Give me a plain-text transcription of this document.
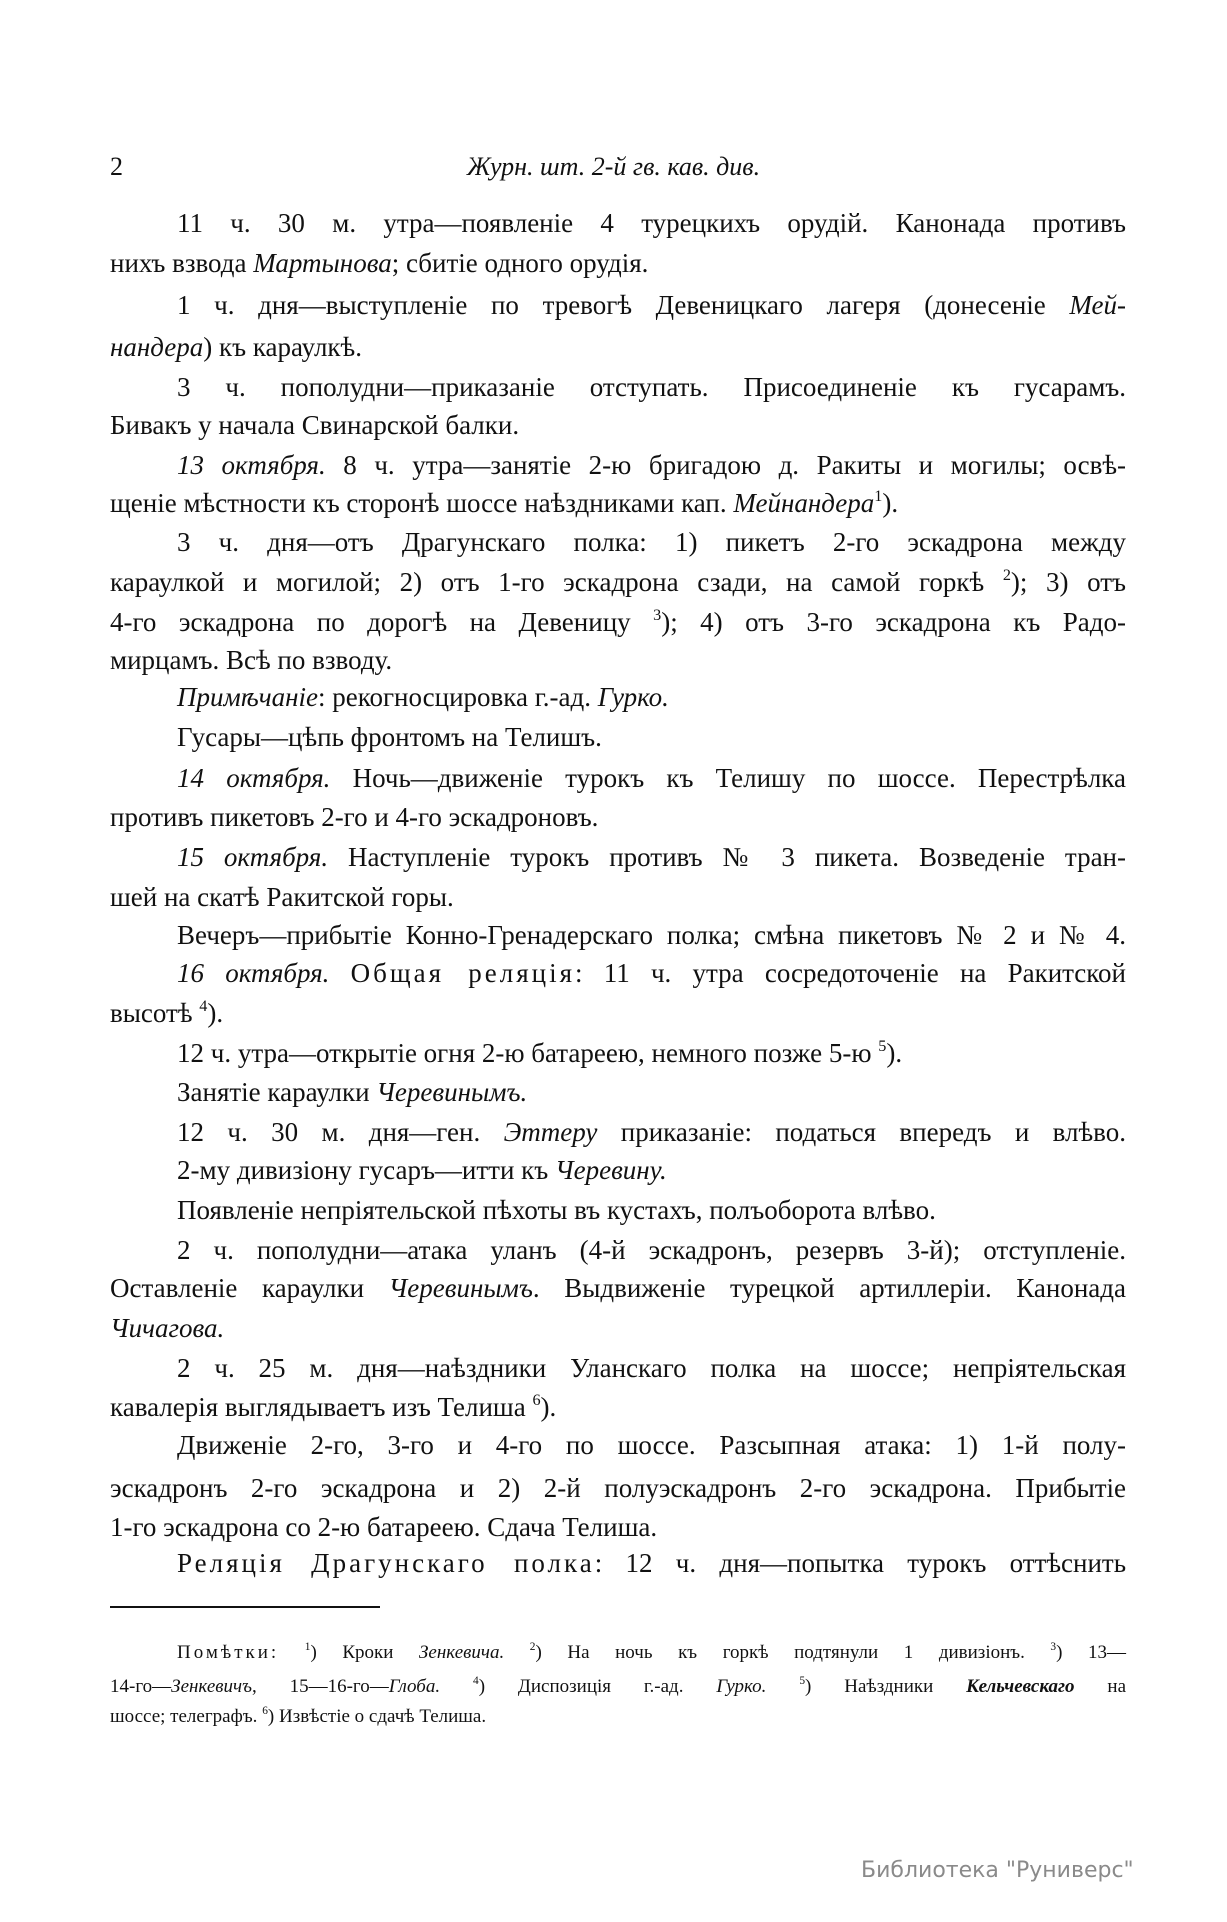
2	Журн. шт. 2-й гв. кав. див.
11 ч. 30 м. утра—появленіе 4 турецкихъ орудій. Канонада противъ
нихъ взвода Мартынова; сбитіе одного орудія.
1 ч. дня—выступленіе по тревогѣ Девеницкаго лагеря (донесеніе Мей-
нандера) къ караулкѣ.
3 ч. пополудни—приказаніе отступать. Присоединеніе къ гусарамъ.
Бивакъ у начала Свинарской балки.
13 октября. 8 ч. утра—занятіе 2-ю бригадою д. Ракиты и могилы; освѣ-
щеніе мѣстности къ сторонѣ шоссе наѣздниками кап. Мейнандера$^1$).
3 ч. дня—отъ Драгунскаго полка: 1) пикетъ 2-го эскадрона между
караулкой и могилой; 2) отъ 1-го эскадрона сзади, на самой горкѣ $^2$); 3) отъ
4-го эскадрона по дорогѣ на Девеницу $^3$); 4) отъ 3-го эскадрона къ Радо-
мирцамъ. Всѣ по взводу.
Примѣчаніе: рекогносцировка г.-ад. Гурко.
Гусары—цѣпь фронтомъ на Телишъ.
14 октября. Ночь—движеніе турокъ къ Телишу по шоссе. Перестрѣлка
противъ пикетовъ 2-го и 4-го эскадроновъ.
15 октября. Наступленіе турокъ противъ № 3 пикета. Возведеніе тран-
шей на скатѣ Ракитской горы.
Вечеръ—прибытіе Конно-Гренадерскаго полка; смѣна пикетовъ № 2 и № 4.
16 октября. Общая реляція: 11 ч. утра сосредоточеніе на Ракитской
высотѣ $^4$).
12 ч. утра—открытіе огня 2-ю батареею, немного позже 5-ю $^5$).
Занятіе караулки Черевинымъ.
12 ч. 30 м. дня—ген. Эттеру приказаніе: податься впередъ и влѣво.
2-му дивизіону гусаръ—итти къ Черевину.
Появленіе непріятельской пѣхоты въ кустахъ, полъоборота влѣво.
2 ч. пополудни—атака уланъ (4-й эскадронъ, резервъ 3-й); отступленіе.
Оставленіе караулки Черевинымъ. Выдвиженіе турецкой артиллеріи. Канонада
Чичагова.
2 ч. 25 м. дня—наѣздники Уланскаго полка на шоссе; непріятельская
кавалерія выглядываетъ изъ Телиша $^6$).
Движеніе 2-го, 3-го и 4-го по шоссе. Разсыпная атака: 1) 1-й полу-
эскадронъ 2-го эскадрона и 2) 2-й полуэскадронъ 2-го эскадрона. Прибытіе
1-го эскадрона со 2-ю батареею. Сдача Телиша.
Реляція Драгунскаго полка: 12 ч. дня—попытка турокъ оттѣснить
Помѣтки: $^1$) Кроки Зенкевича. $^2$) На ночь къ горкѣ подтянули 1 дивизіонъ. $^3$) 13—
14-го—Зенкевичъ, 15—16-го—Глоба.	$^4$) Диспозиція г.-ад. Гурко.	$^5$) Наѣздники Кельчевскаго на
шоссе; телеграфъ. $^6$) Извѣстіе о сдачѣ Телиша.
Библиотека "Руниверс"
